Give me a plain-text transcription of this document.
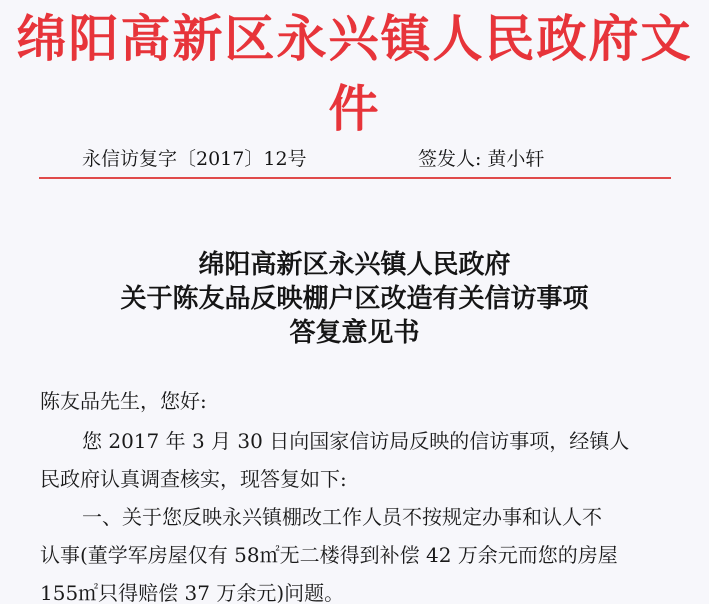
绵阳高新区永兴镇人民政府文件
永信访复字〔2017〕12号	签发人: 黄小轩
绵阳高新区永兴镇人民政府
关于陈友品反映棚户区改造有关信访事项
答复意见书
陈友品先生，您好:
您 2017 年 3 月 30 日向国家信访局反映的信访事项，经镇人
民政府认真调查核实，现答复如下:
一、关于您反映永兴镇棚改工作人员不按规定办事和认人不
认事(董学军房屋仅有 58㎡无二楼得到补偿 42 万余元而您的房屋
155㎡只得赔偿 37 万余元)问题。
